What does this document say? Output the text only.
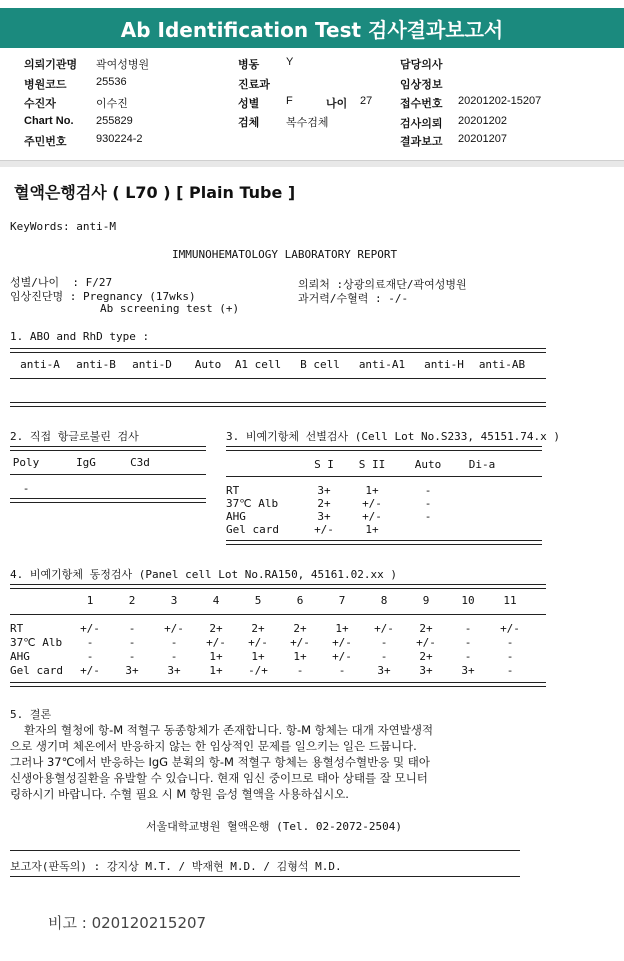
Ab Identification Test 검사결과보고서
의뢰기관명 곽여성병원
병원코드	25536
수진자	이수진
Chart No. 255829
주민번호	930224-2
병동 Y
진료과
성별 F	나이 27
검체 복수검체
담당의사
임상정보
접수번호 20201202-15207
검사의뢰 20201202
결과보고 20201207
혈액은행검사 ( L70 ) [ Plain Tube ]
KeyWords: anti-M
IMMUNOHEMATOLOGY LABORATORY REPORT
성별/나이  : F/27
임상진단명 : Pregnancy (17wks)
Ab screening test (+)
의뢰처 :상광의료재단/곽여성병원
과거력/수혈력 : -/-
1. ABO and RhD type :
anti-A	anti-B	anti-D	Auto	A1 cell	B cell	anti-A1	anti-H	anti-AB
2. 직접 항글로불린 검사
Poly	IgG	C3d
-
3. 비예기항체 선별검사 (Cell Lot No.S233, 45151.74.x )
S I	S II	Auto	Di-a
RT	3+	1+	-
37℃ Alb	2+	+/-	-
AHG	3+	+/-	-
Gel card	+/-	1+
4. 비예기항체 동정검사 (Panel cell Lot No.RA150, 45161.02.xx )
1	2	3	4	5	6	7	8	9	10	11
RT	+/-	-	+/-	2+	2+	2+	1+	+/-	2+	-	+/-
37℃ Alb	-	-	-	+/-	+/-	+/-	+/-	-	+/-	-	-
AHG	-	-	-	1+	1+	1+	+/-	-	2+	-	-
Gel card	+/-	3+	3+	1+	-/+	-	-	3+	3+	3+	-
5. 결론
환자의 혈청에 항-M 적혈구 동종항체가 존재합니다. 항-M 항체는 대개 자연발생적
으로 생기며 체온에서 반응하지 않는 한 임상적인 문제를 일으키는 일은 드뭅니다.
그러나 37℃에서 반응하는 IgG 분획의 항-M 적혈구 항체는 용혈성수혈반응 및 태아
신생아용혈성질환을 유발할 수 있습니다. 현재 임신 중이므로 태아 상태를 잘 모니터
링하시기 바랍니다. 수혈 필요 시 M 항원 음성 혈액을 사용하십시오.
서울대학교병원 혈액은행 (Tel. 02-2072-2504)
보고자(판독의) : 강지상 M.T. / 박재현 M.D. / 김형석 M.D.
비고 : 020120215207
